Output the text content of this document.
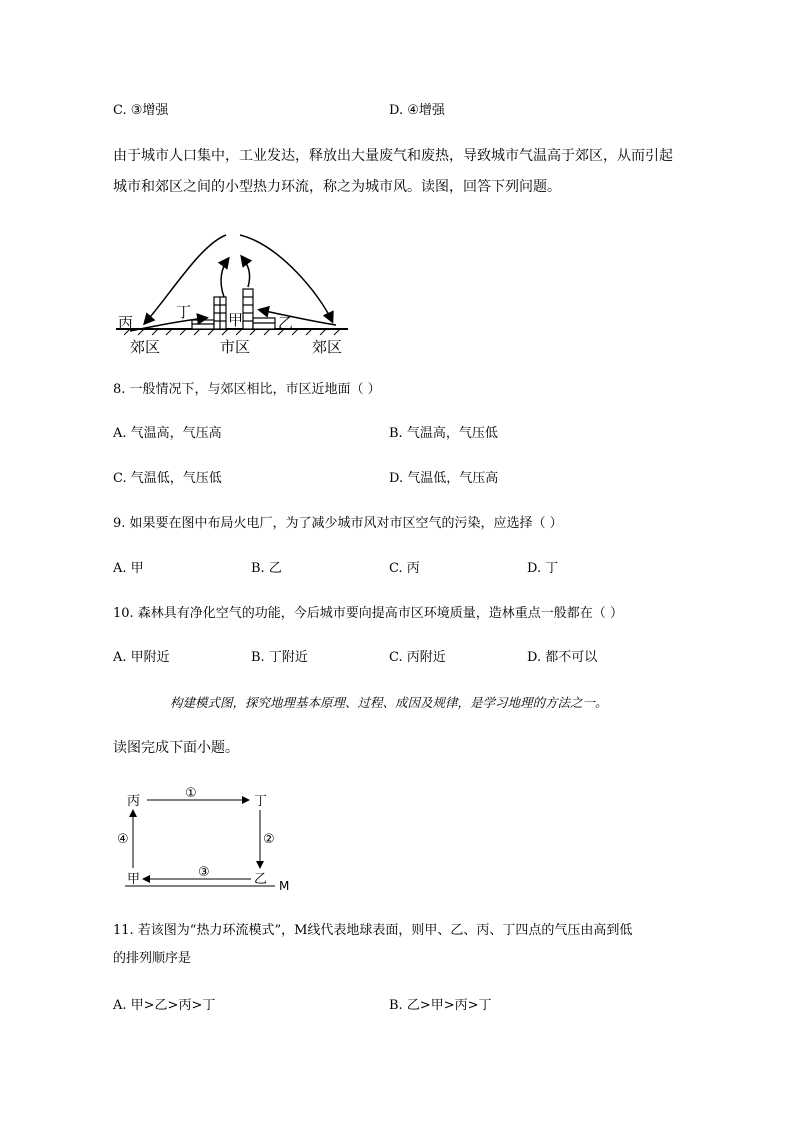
C. ③增强	D. ④增强
由于城市人口集中，工业发达，释放出大量废气和废热，导致城市气温高于郊区，从而引起
城市和郊区之间的小型热力环流，称之为城市风。读图，回答下列问题。
丙
丁 甲 乙
郊区	市区	郊区
8. 一般情况下，与郊区相比，市区近地面（ ）
A. 气温高，气压高	B. 气温高，气压低
C. 气温低，气压低	D. 气温低，气压高
9. 如果要在图中布局火电厂，为了减少城市风对市区空气的污染，应选择（ ）
A. 甲	B. 乙	C. 丙	D. 丁
10. 森林具有净化空气的功能，今后城市要向提高市区环境质量，造林重点一般都在（ ）
A. 甲附近	B. 丁附近	C. 丙附近	D. 都不可以
构建模式图，探究地理基本原理、过程、成因及规律，是学习地理的方法之一。
读图完成下面小题。
丙	丁
甲	乙
①
②
③
④
M
11. 若该图为“热力环流模式”，M线代表地球表面，则甲、乙、丙、丁四点的气压由高到低
的排列顺序是
A. 甲>乙>丙>丁	B. 乙>甲>丙>丁
